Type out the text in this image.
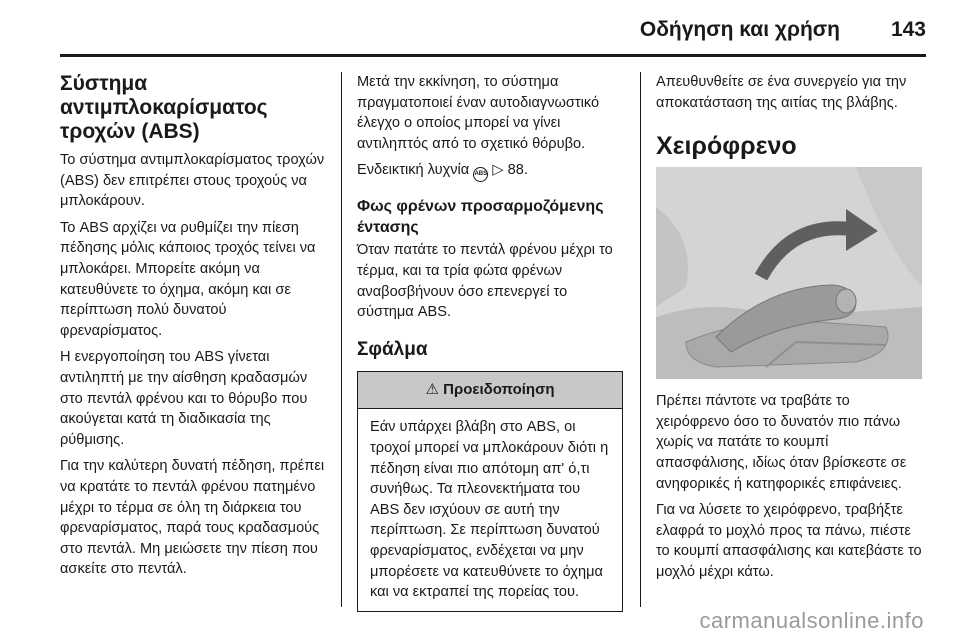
Οδήγηση και χρήση 143
Σύστημα αντιμπλοκαρίσματος τροχών (ABS)

Το σύστημα αντιμπλοκαρίσματος τροχών (ABS) δεν επιτρέπει στους τροχούς να μπλοκάρουν.

Το ABS αρχίζει να ρυθμίζει την πίεση πέδησης μόλις κάποιος τροχός τείνει να μπλοκάρει. Μπορείτε ακόμη να κατευθύνετε το όχημα, ακόμη και σε περίπτωση πολύ δυνατού φρεναρίσματος.

Η ενεργοποίηση του ABS γίνεται αντιληπτή με την αίσθηση κραδασμών στο πεντάλ φρένου και το θόρυβο που ακούγεται κατά τη διαδικασία της ρύθμισης.

Για την καλύτερη δυνατή πέδηση, πρέπει να κρατάτε το πεντάλ φρένου πατημένο μέχρι το τέρμα σε όλη τη διάρκεια του φρεναρίσματος, παρά τους κραδασμούς στο πεντάλ. Μη μειώσετε την πίεση που ασκείτε στο πεντάλ.

Μετά την εκκίνηση, το σύστημα πραγματοποιεί έναν αυτοδιαγνωστικό έλεγχο ο οποίος μπορεί να γίνει αντιληπτός από το σχετικό θόρυβο.

Ενδεικτική λυχνία ABS ▷ 88.

Φως φρένων προσαρμοζόμενης έντασης

Όταν πατάτε το πεντάλ φρένου μέχρι το τέρμα, και τα τρία φώτα φρένων αναβοσβήνουν όσο επενεργεί το σύστημα ABS.

Σφάλμα
⚠ Προειδοποίηση
Εάν υπάρχει βλάβη στο ABS, οι τροχοί μπορεί να μπλοκάρουν διότι η πέδηση είναι πιο απότομη απ' ό,τι συνήθως. Τα πλεονεκτήματα του ABS δεν ισχύουν σε αυτή την περίπτωση. Σε περίπτωση δυνατού φρεναρίσματος, ενδέχεται να μην μπορέσετε να κατευθύνετε το όχημα και να εκτραπεί της πορείας του.

Απευθυνθείτε σε ένα συνεργείο για την αποκατάσταση της αιτίας της βλάβης.

Χειρόφρενο

Πρέπει πάντοτε να τραβάτε το χειρόφρενο όσο το δυνατόν πιο πάνω χωρίς να πατάτε το κουμπί απασφάλισης, ιδίως όταν βρίσκεστε σε ανηφορικές ή κατηφορικές επιφάνειες.

Για να λύσετε το χειρόφρενο, τραβήξτε ελαφρά το μοχλό προς τα πάνω, πιέστε το κουμπί απασφάλισης και κατεβάστε το μοχλό μέχρι κάτω.

carmanualsonline.info
